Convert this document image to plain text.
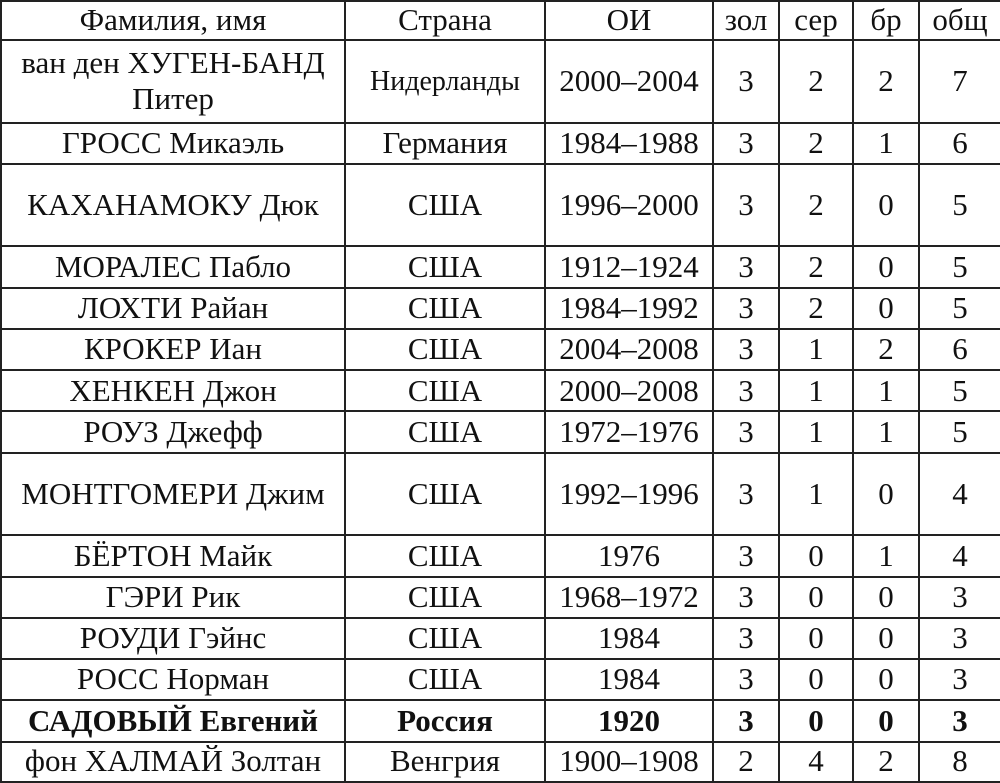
Фамилия, имя	Страна	ОИ	зол	сер	бр	общ
ван ден ХУГЕН-БАНД Питер	Нидерланды	2000–2004	3	2	2	7
ГРОСС Микаэль	Германия	1984–1988	3	2	1	6
КАХАНАМОКУ Дюк	США	1996–2000	3	2	0	5
МОРАЛЕС Пабло	США	1912–1924	3	2	0	5
ЛОХТИ Райан	США	1984–1992	3	2	0	5
КРОКЕР Иан	США	2004–2008	3	1	2	6
ХЕНКЕН Джон	США	2000–2008	3	1	1	5
РОУЗ Джефф	США	1972–1976	3	1	1	5
МОНТГОМЕРИ Джим	США	1992–1996	3	1	0	4
БЁРТОН Майк	США	1976	3	0	1	4
ГЭРИ Рик	США	1968–1972	3	0	0	3
РОУДИ Гэйнс	США	1984	3	0	0	3
РОСС Норман	США	1984	3	0	0	3
САДОВЫЙ Евгений	Россия	1920	3	0	0	3
фон ХАЛМАЙ Золтан	Венгрия	1900–1908	2	4	2	8
